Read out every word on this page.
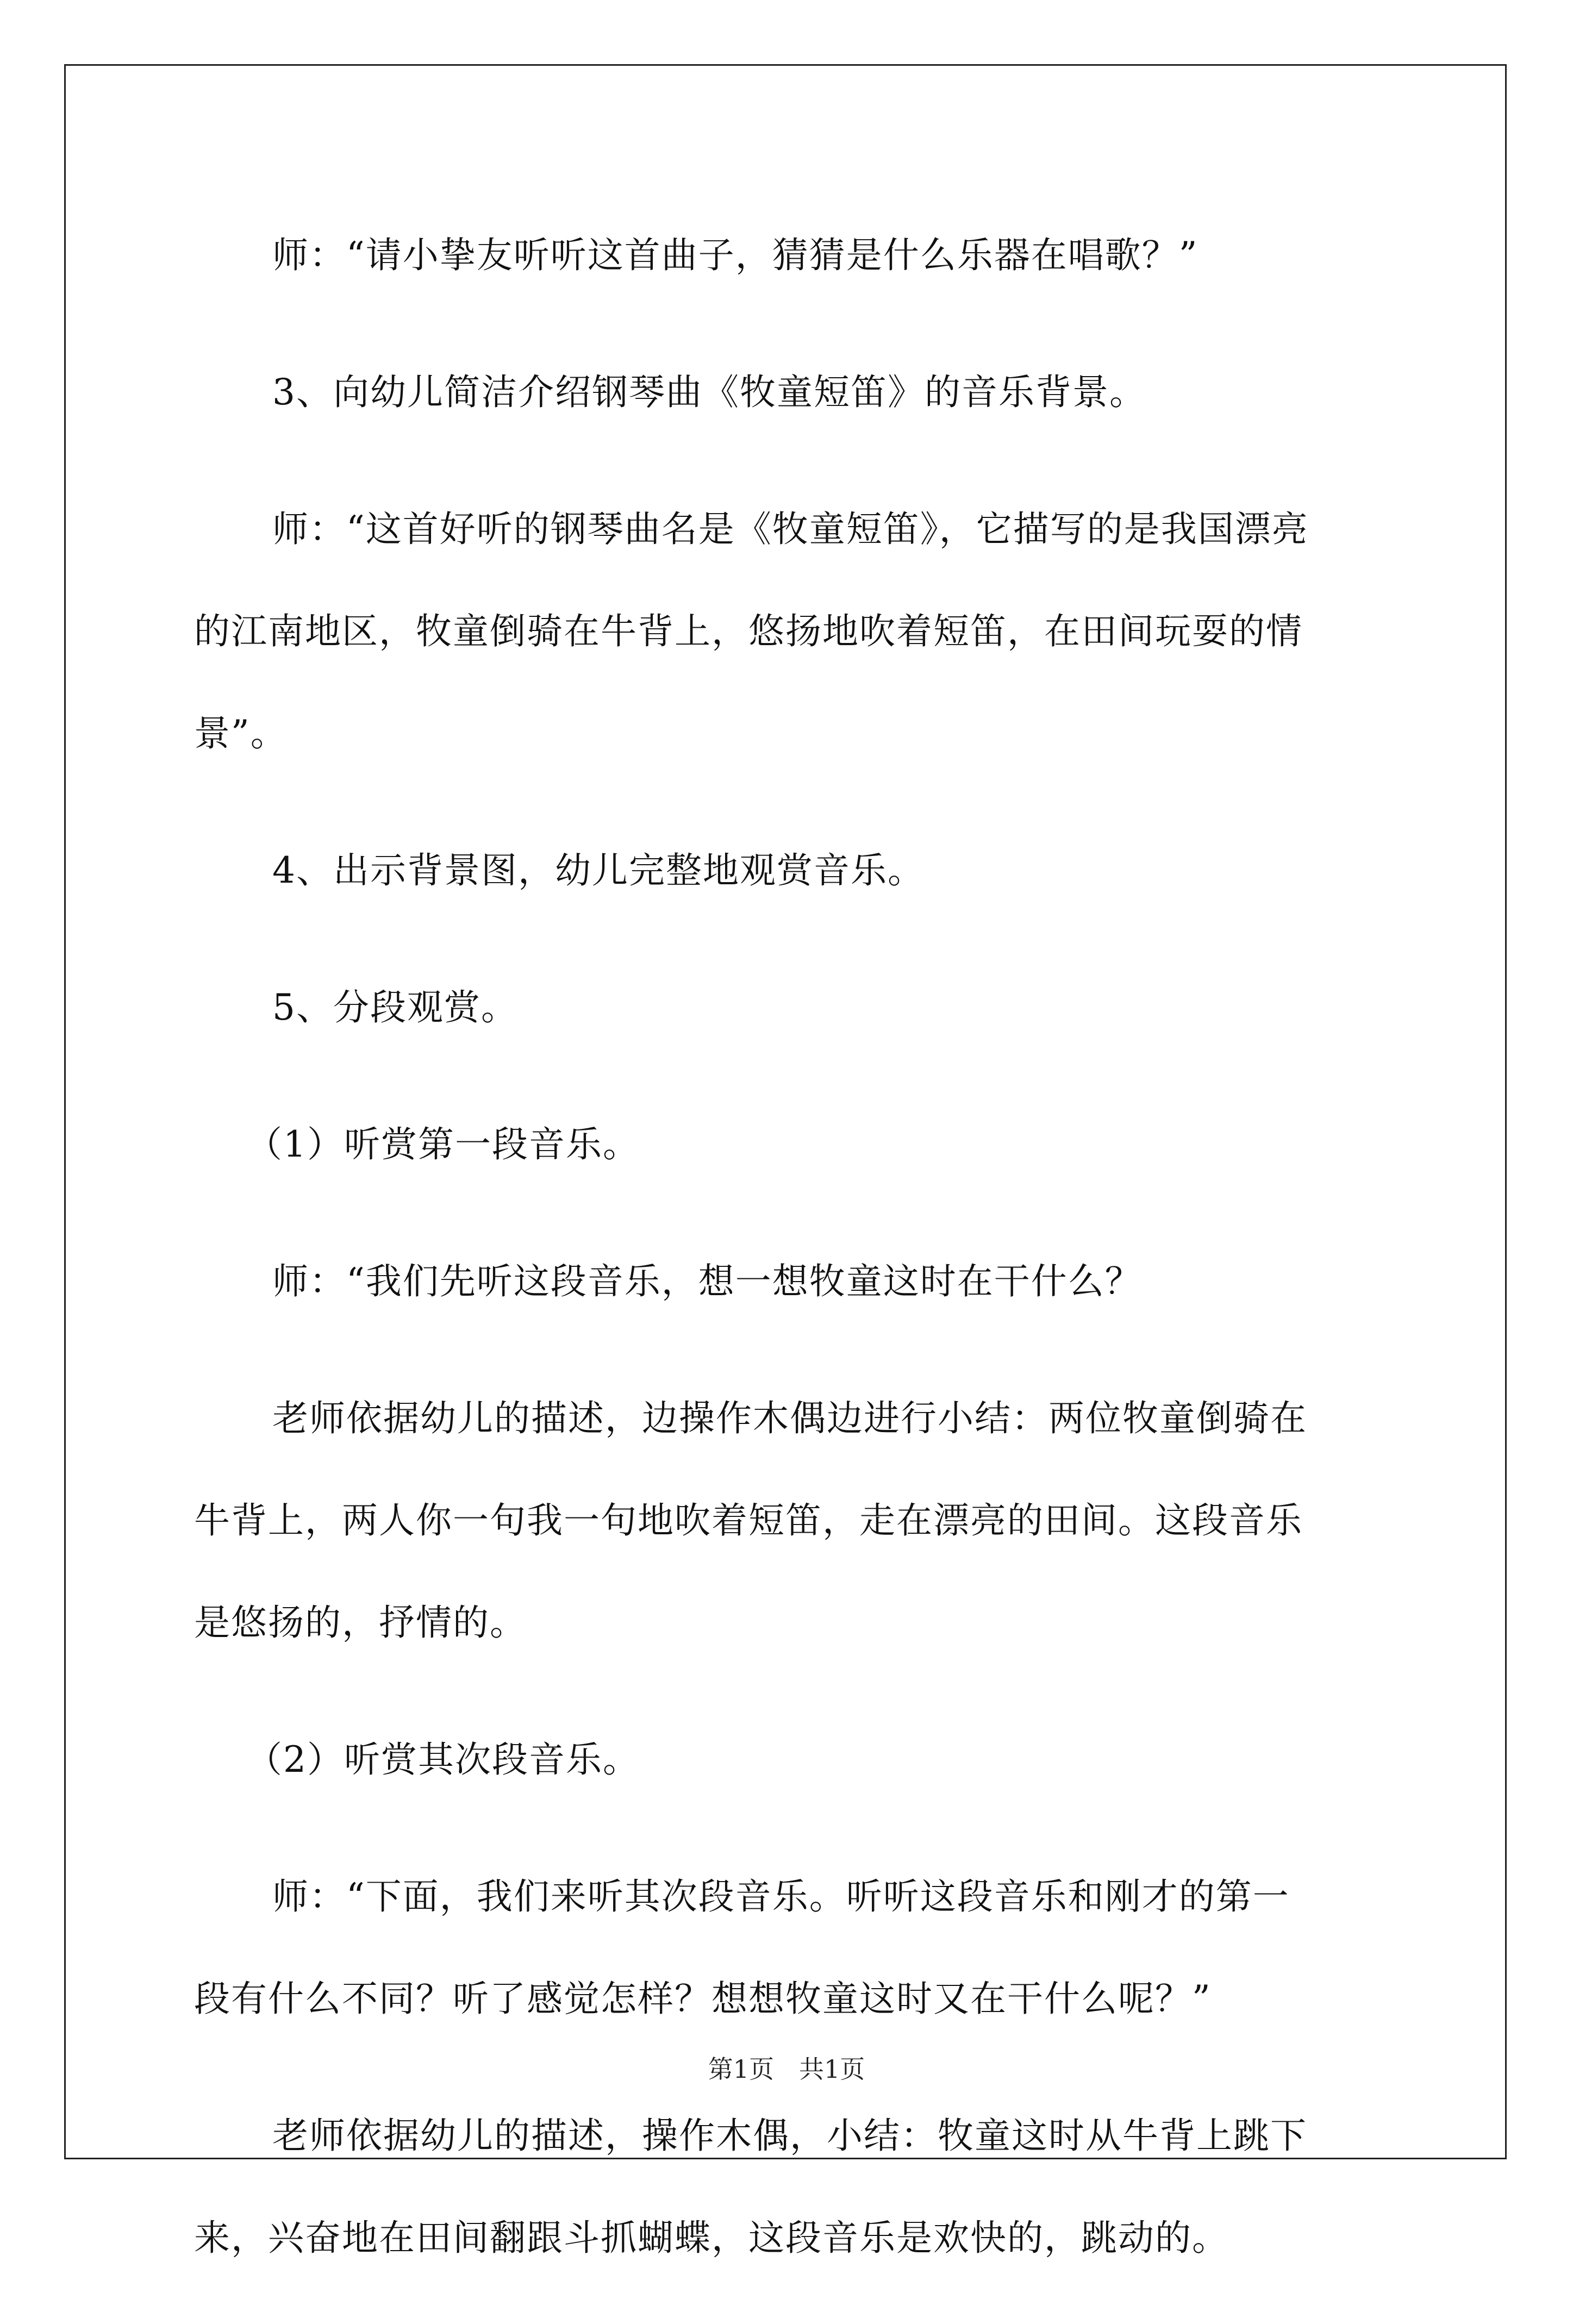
师：“请小挚友听听这首曲子，猜猜是什么乐器在唱歌？”

3、向幼儿简洁介绍钢琴曲《牧童短笛》的音乐背景。

师：“这首好听的钢琴曲名是《牧童短笛》，它描写的是我国漂亮
的江南地区，牧童倒骑在牛背上，悠扬地吹着短笛，在田间玩耍的情
景”。

4、出示背景图，幼儿完整地观赏音乐。

5、分段观赏。

（1）听赏第一段音乐。

师：“我们先听这段音乐，想一想牧童这时在干什么？

老师依据幼儿的描述，边操作木偶边进行小结：两位牧童倒骑在
牛背上，两人你一句我一句地吹着短笛，走在漂亮的田间。这段音乐
是悠扬的，抒情的。

（2）听赏其次段音乐。

师：“下面，我们来听其次段音乐。听听这段音乐和刚才的第一
段有什么不同？听了感觉怎样？想想牧童这时又在干什么呢？”

老师依据幼儿的描述，操作木偶，小结：牧童这时从牛背上跳下
来，兴奋地在田间翻跟斗抓蝴蝶，这段音乐是欢快的，跳动的。

第1页　共1页
